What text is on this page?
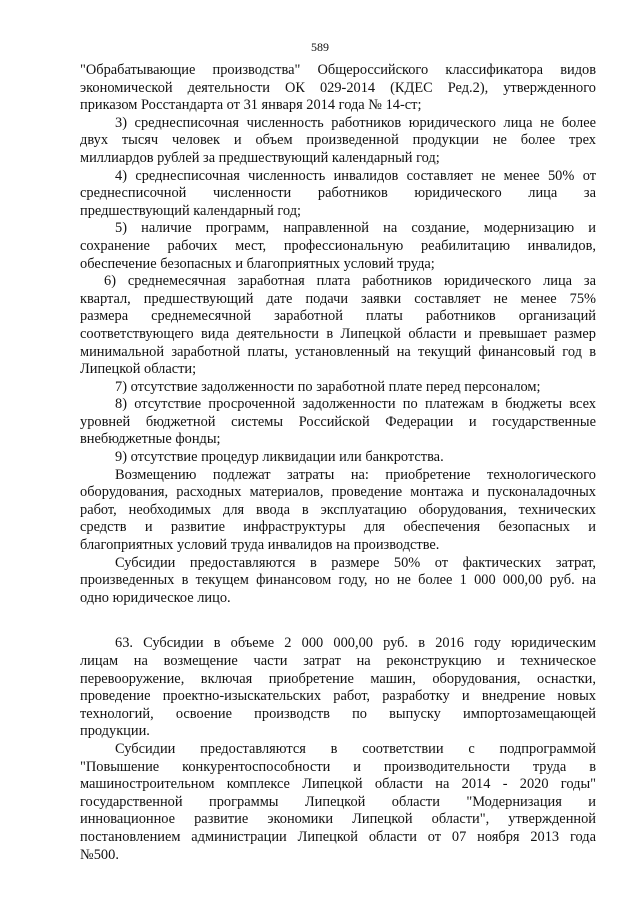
589
"Обрабатывающие производства" Общероссийского классификатора видов
экономической деятельности ОК 029-2014 (КДЕС Ред.2), утвержденного
приказом Росстандарта от 31 января 2014 года № 14-ст;
3) среднесписочная численность работников юридического лица не более
двух тысяч человек и объем произведенной продукции не более трех
миллиардов рублей за предшествующий календарный год;
4) среднесписочная численность инвалидов составляет не менее 50% от
среднесписочной численности работников юридического лица за
предшествующий календарный год;
5) наличие программ, направленной на создание, модернизацию и
сохранение рабочих мест, профессиональную реабилитацию инвалидов,
обеспечение безопасных и благоприятных условий труда;
6) среднемесячная заработная плата работников юридического лица за
квартал, предшествующий дате подачи заявки составляет не менее 75%
размера среднемесячной заработной платы работников организаций
соответствующего вида деятельности в Липецкой области и превышает размер
минимальной заработной платы, установленный на текущий финансовый год в
Липецкой области;
7) отсутствие задолженности по заработной плате перед персоналом;
8) отсутствие просроченной задолженности по платежам в бюджеты всех
уровней бюджетной системы Российской Федерации и государственные
внебюджетные фонды;
9) отсутствие процедур ликвидации или банкротства.
Возмещению подлежат затраты на: приобретение технологического
оборудования, расходных материалов, проведение монтажа и пусконаладочных
работ, необходимых для ввода в эксплуатацию оборудования, технических
средств и развитие инфраструктуры для обеспечения безопасных и
благоприятных условий труда инвалидов на производстве.
Субсидии предоставляются в размере 50% от фактических затрат,
произведенных в текущем финансовом году, но не более 1 000 000,00 руб. на
одно юридическое лицо.
63. Субсидии в объеме 2 000 000,00 руб. в 2016 году юридическим
лицам на возмещение части затрат на реконструкцию и техническое
перевооружение, включая приобретение машин, оборудования, оснастки,
проведение проектно-изыскательских работ, разработку и внедрение новых
технологий, освоение производств по выпуску импортозамещающей
продукции.
Субсидии предоставляются в соответствии с подпрограммой
"Повышение конкурентоспособности и производительности труда в
машиностроительном комплексе Липецкой области на 2014 - 2020 годы"
государственной программы Липецкой области "Модернизация и
инновационное развитие экономики Липецкой области", утвержденной
постановлением администрации Липецкой области от 07 ноября 2013 года
№500.
